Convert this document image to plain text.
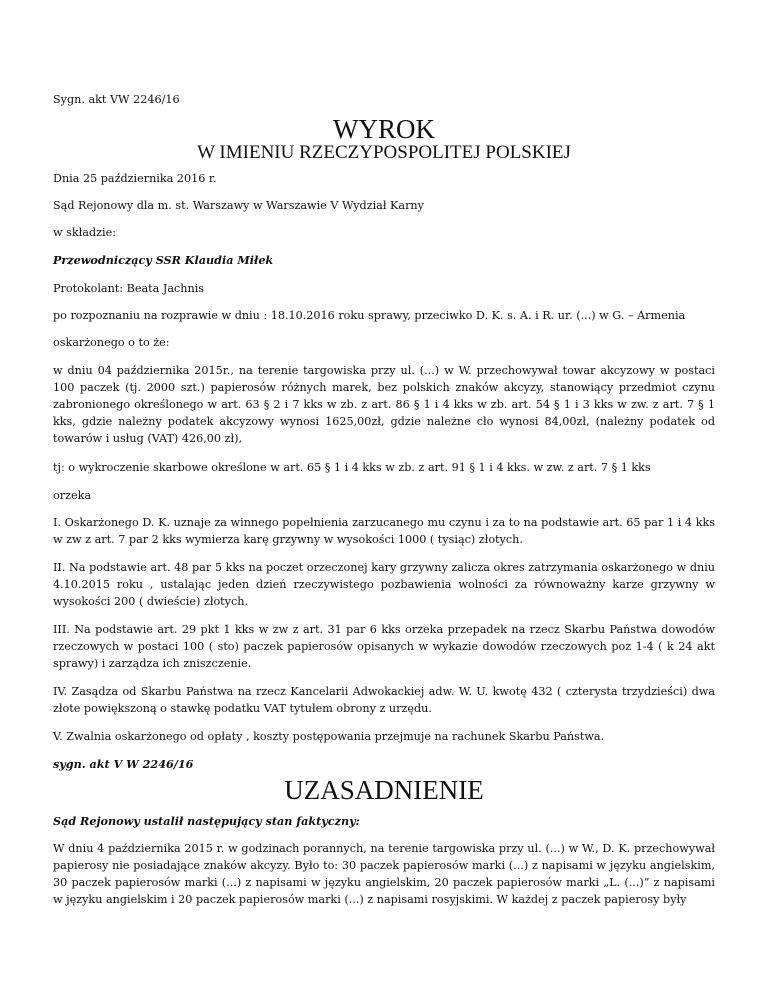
Sygn. akt VW 2246/16

WYROK
W IMIENIU RZECZYPOSPOLITEJ POLSKIEJ

Dnia 25 października 2016 r.

Sąd Rejonowy dla m. st. Warszawy w Warszawie V Wydział Karny

w składzie:

Przewodniczący SSR Klaudia Miłek

Protokolant: Beata Jachnis

po rozpoznaniu na rozprawie w dniu : 18.10.2016 roku sprawy, przeciwko D. K. s. A. i R. ur. (...) w G. – Armenia

oskarżonego o to że:

w dniu 04 października 2015r., na terenie targowiska przy ul. (...) w W. przechowywał towar akcyzowy w postaci 100 paczek (tj. 2000 szt.) papierosów różnych marek, bez polskich znaków akcyzy, stanowiący przedmiot czynu zabronionego określonego w art. 63 § 2 i 7 kks w zb. z art. 86 § 1 i 4 kks w zb. art. 54 § 1 i 3 kks w zw. z art. 7 § 1 kks, gdzie należny podatek akcyzowy wynosi 1625,00zł, gdzie należne cło wynosi 84,00zł, (należny podatek od towarów i usług (VAT) 426,00 zł),

tj: o wykroczenie skarbowe określone w art. 65 § 1 i 4 kks w zb. z art. 91 § 1 i 4 kks. w zw. z art. 7 § 1 kks

orzeka

I. Oskarżonego D. K. uznaje za winnego popełnienia zarzucanego mu czynu i za to na podstawie art. 65 par 1 i 4 kks w zw z art. 7 par 2 kks wymierza karę grzywny w wysokości 1000 ( tysiąc) złotych.

II. Na podstawie art. 48 par 5 kks na poczet orzeczonej kary grzywny zalicza okres zatrzymania oskarżonego w dniu 4.10.2015 roku , ustalając jeden dzień rzeczywistego pozbawienia wolności za równoważny karze grzywny w wysokości 200 ( dwieście) złotych.

III. Na podstawie art. 29 pkt 1 kks w zw z art. 31 par 6 kks orzeka przepadek na rzecz Skarbu Państwa dowodów rzeczowych w postaci 100 ( sto) paczek papierosów opisanych w wykazie dowodów rzeczowych poz 1-4 ( k 24 akt sprawy) i zarządza ich zniszczenie.

IV. Zasądza od Skarbu Państwa na rzecz Kancelarii Adwokackiej adw. W. U. kwotę 432 ( czterysta trzydzieści) dwa złote powiększoną o stawkę podatku VAT tytułem obrony z urzędu.

V. Zwalnia oskarżonego od opłaty , koszty postępowania przejmuje na rachunek Skarbu Państwa.

sygn. akt V W 2246/16

UZASADNIENIE

Sąd Rejonowy ustalił następujący stan faktyczny:

W dniu 4 października 2015 r. w godzinach porannych, na terenie targowiska przy ul. (...) w W., D. K. przechowywał papierosy nie posiadające znaków akcyzy. Było to: 30 paczek papierosów marki (...) z napisami w języku angielskim, 30 paczek papierosów marki (...) z napisami w języku angielskim, 20 paczek papierosów marki „L. (...)” z napisami w języku angielskim i 20 paczek papierosów marki (...) z napisami rosyjskimi. W każdej z paczek papierosy były
